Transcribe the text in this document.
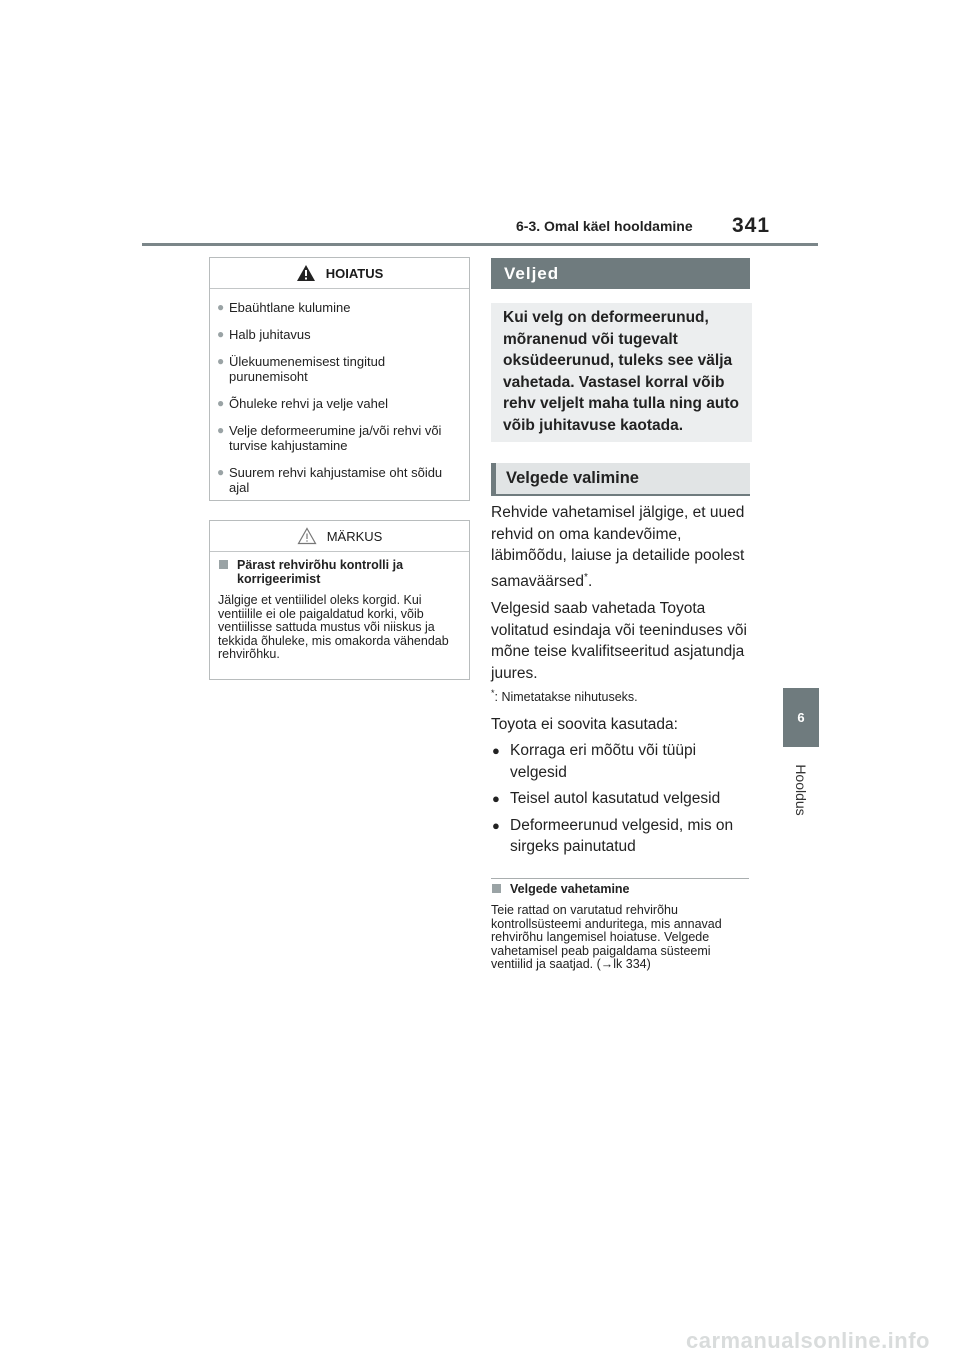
6-3. Omal käel hooldamine 341
6
Hooldus
HOIATUS
● Ebaühtlane kulumine
● Halb juhitavus
● Ülekuumenemisest tingitud purunemisoht
● Õhuleke rehvi ja velje vahel
● Velje deformeerumine ja/või rehvi või turvise kahjustamine
● Suurem rehvi kahjustamise oht sõidu ajal
MÄRKUS
Pärast rehvirõhu kontrolli ja korrigeerimist
Jälgige et ventiilidel oleks korgid. Kui ventiilile ei ole paigaldatud korki, võib ventiilisse sattuda mustus või niiskus ja tekkida õhuleke, mis omakorda vähendab rehvirõhku.
Veljed
Kui velg on deformeerunud, mõranenud või tugevalt oksüdeerunud, tuleks see välja vahetada. Vastasel korral võib rehv veljelt maha tulla ning auto võib juhitavuse kaotada.
Velgede valimine
Rehvide vahetamisel jälgige, et uued rehvid on oma kandevõime, läbimõõdu, laiuse ja detailide poolest samaväärsed*.
Velgesid saab vahetada Toyota volitatud esindaja või teeninduses või mõne teise kvalifitseeritud asjatundja juures.
*: Nimetatakse nihutuseks.
Toyota ei soovita kasutada:
● Korraga eri mõõtu või tüüpi velgesid
● Teisel autol kasutatud velgesid
● Deformeerunud velgesid, mis on sirgeks painutatud
Velgede vahetamine
Teie rattad on varutatud rehvirõhu kontrollsüsteemi anduritega, mis annavad rehvirõhu langemisel hoiatuse. Velgede vahetamisel peab paigaldama süsteemi ventiilid ja saatjad. (→lk 334)
carmanualsonline.info
